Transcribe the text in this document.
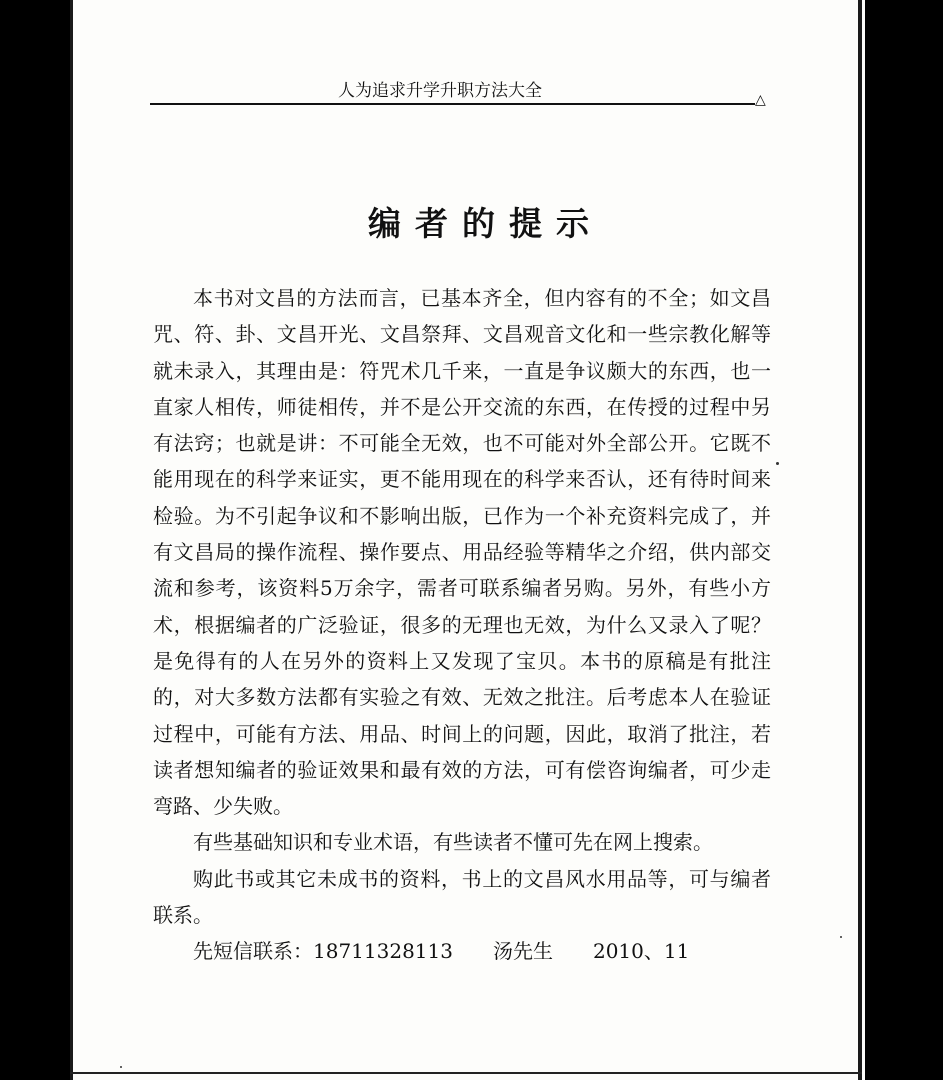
人为追求升学升职方法大全	△
编者的提示

本书对文昌的方法而言，已基本齐全，但内容有的不全；如文昌咒、符、卦、文昌开光、文昌祭拜、文昌观音文化和一些宗教化解等就未录入，其理由是：符咒术几千来，一直是争议颇大的东西，也一直家人相传，师徒相传，并不是公开交流的东西，在传授的过程中另有法窍；也就是讲：不可能全无效，也不可能对外全部公开。它既不能用现在的科学来证实，更不能用现在的科学来否认，还有待时间来检验。为不引起争议和不影响出版，已作为一个补充资料完成了，并有文昌局的操作流程、操作要点、用品经验等精华之介绍，供内部交流和参考，该资料5万余字，需者可联系编者另购。另外，有些小方术，根据编者的广泛验证，很多的无理也无效，为什么又录入了呢？是免得有的人在另外的资料上又发现了宝贝。本书的原稿是有批注的，对大多数方法都有实验之有效、无效之批注。后考虑本人在验证过程中，可能有方法、用品、时间上的问题，因此，取消了批注，若读者想知编者的验证效果和最有效的方法，可有偿咨询编者，可少走弯路、少失败。

有些基础知识和专业术语，有些读者不懂可先在网上搜索。

购此书或其它未成书的资料，书上的文昌风水用品等，可与编者联系。

先短信联系：18711328113　　汤先生　　2010、11
